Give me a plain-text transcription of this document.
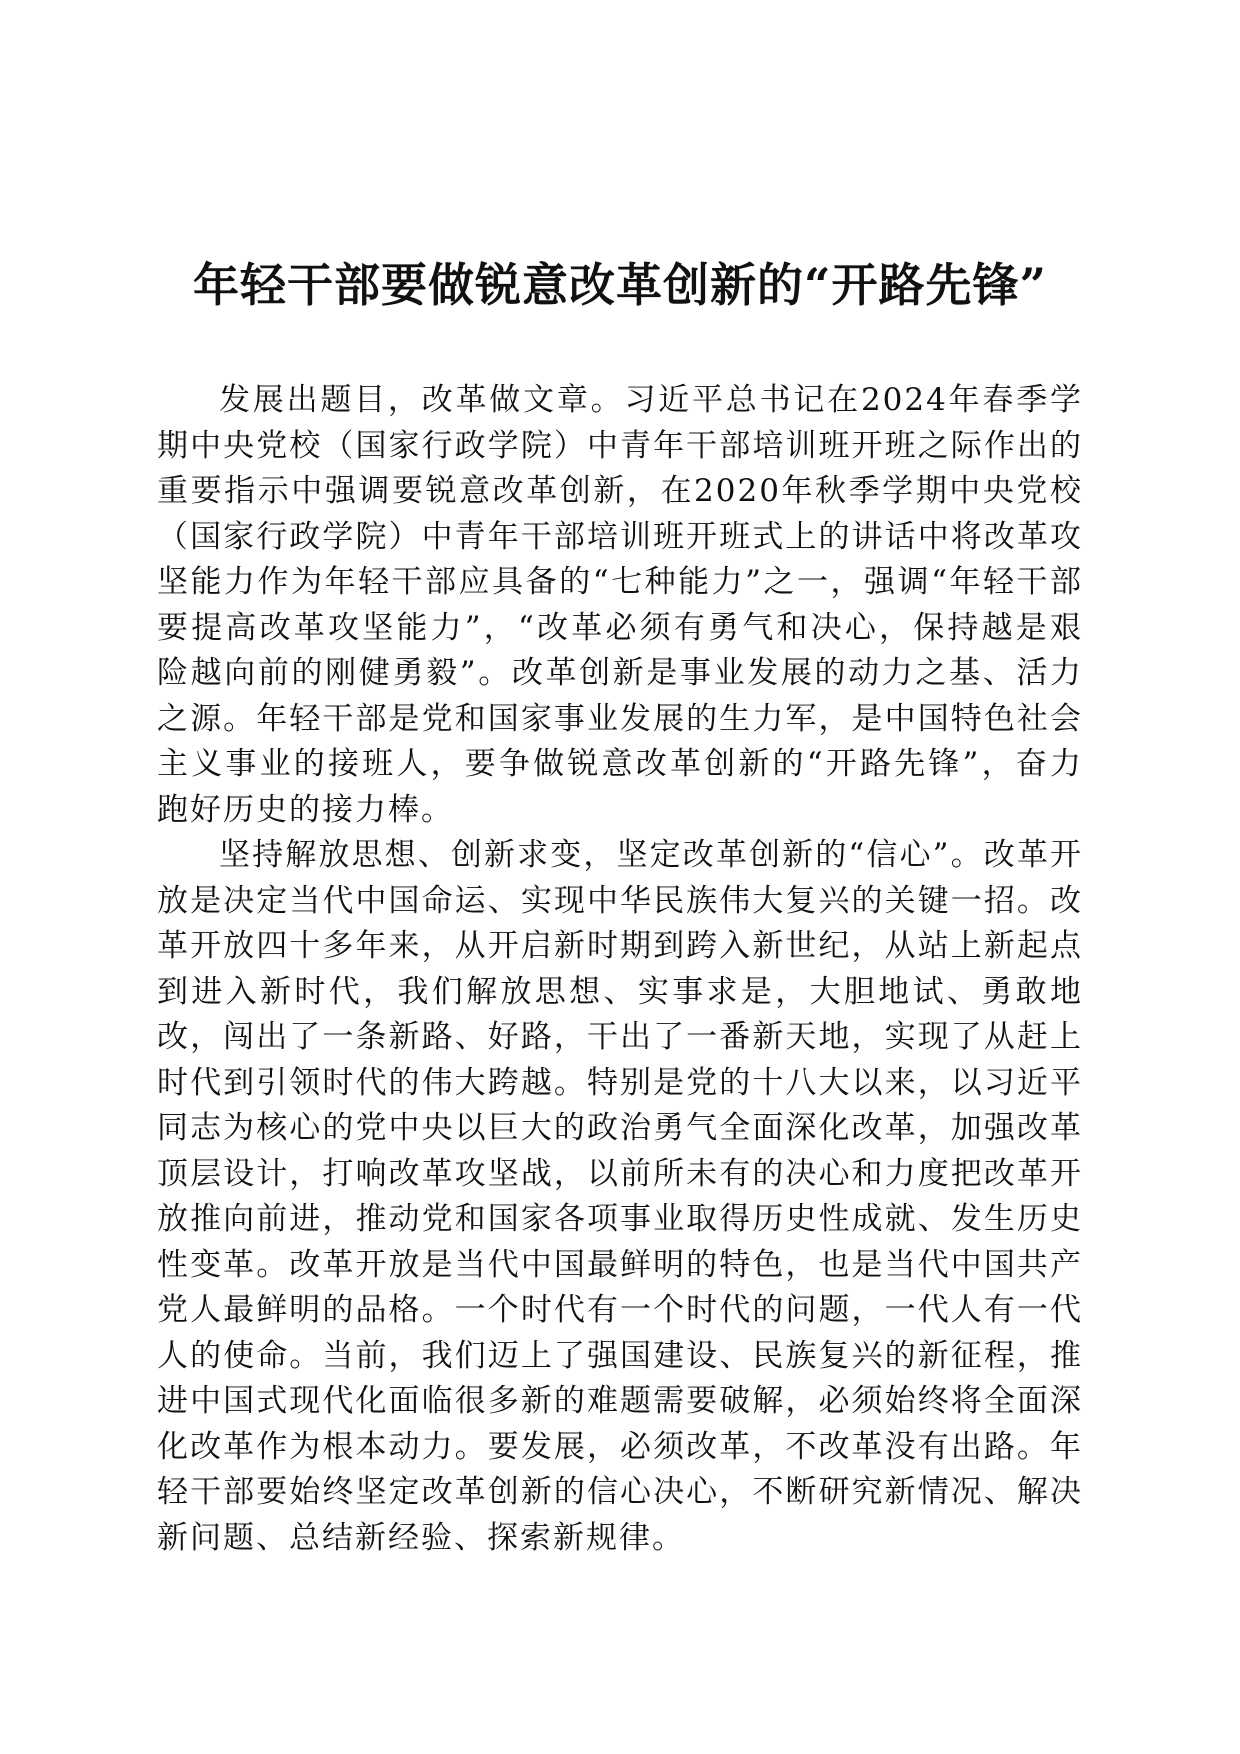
年轻干部要做锐意改革创新的“开路先锋”

发展出题目，改革做文章。习近平总书记在2024年春季学期中央党校（国家行政学院）中青年干部培训班开班之际作出的重要指示中强调要锐意改革创新，在2020年秋季学期中央党校（国家行政学院）中青年干部培训班开班式上的讲话中将改革攻坚能力作为年轻干部应具备的“七种能力”之一，强调“年轻干部要提高改革攻坚能力”，“改革必须有勇气和决心，保持越是艰险越向前的刚健勇毅”。改革创新是事业发展的动力之基、活力之源。年轻干部是党和国家事业发展的生力军，是中国特色社会主义事业的接班人，要争做锐意改革创新的“开路先锋”，奋力跑好历史的接力棒。

坚持解放思想、创新求变，坚定改革创新的“信心”。改革开放是决定当代中国命运、实现中华民族伟大复兴的关键一招。改革开放四十多年来，从开启新时期到跨入新世纪，从站上新起点到进入新时代，我们解放思想、实事求是，大胆地试、勇敢地改，闯出了一条新路、好路，干出了一番新天地，实现了从赶上时代到引领时代的伟大跨越。特别是党的十八大以来，以习近平同志为核心的党中央以巨大的政治勇气全面深化改革，加强改革顶层设计，打响改革攻坚战，以前所未有的决心和力度把改革开放推向前进，推动党和国家各项事业取得历史性成就、发生历史性变革。改革开放是当代中国最鲜明的特色，也是当代中国共产党人最鲜明的品格。一个时代有一个时代的问题，一代人有一代人的使命。当前，我们迈上了强国建设、民族复兴的新征程，推进中国式现代化面临很多新的难题需要破解，必须始终将全面深化改革作为根本动力。要发展，必须改革，不改革没有出路。年轻干部要始终坚定改革创新的信心决心，不断研究新情况、解决新问题、总结新经验、探索新规律。
